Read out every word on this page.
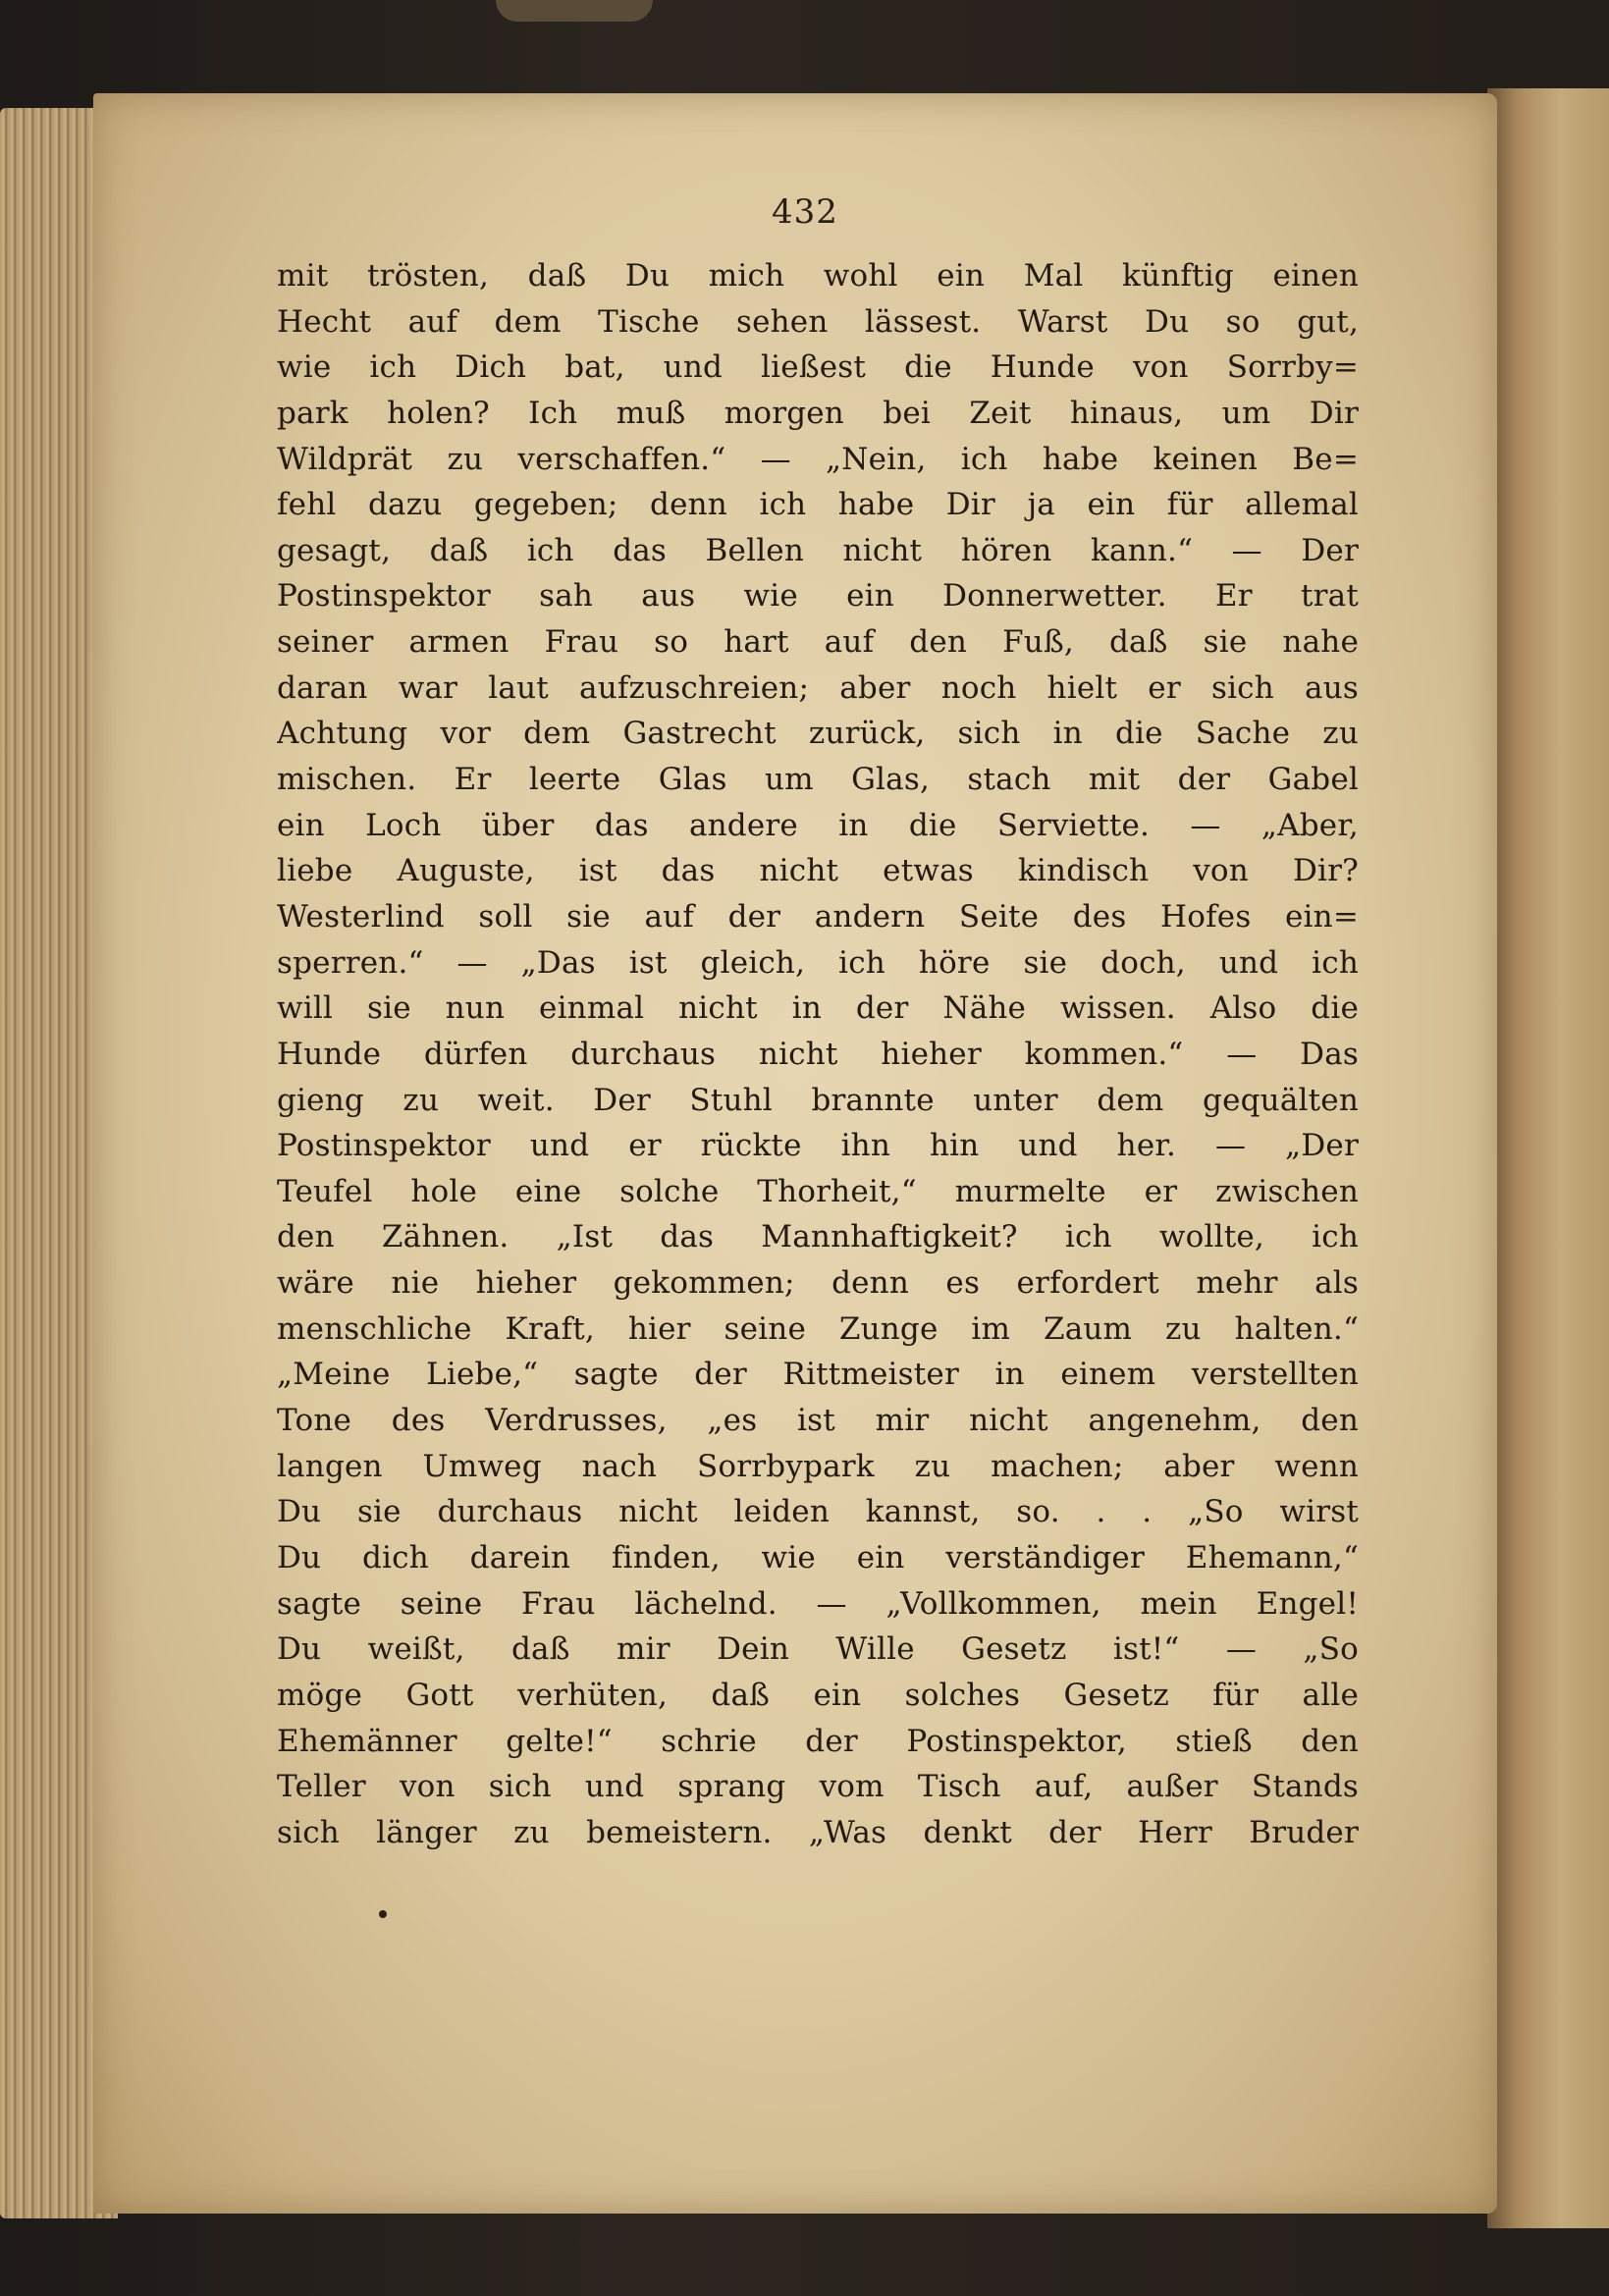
432
mit trösten, daß Du mich wohl ein Mal künftig einen
Hecht auf dem Tische sehen lässest. Warst Du so gut,
wie ich Dich bat, und ließest die Hunde von Sorrby=
park holen? Ich muß morgen bei Zeit hinaus, um Dir
Wildprät zu verschaffen.“ — „Nein, ich habe keinen Be=
fehl dazu gegeben; denn ich habe Dir ja ein für allemal
gesagt, daß ich das Bellen nicht hören kann.“ — Der
Postinspektor sah aus wie ein Donnerwetter. Er trat
seiner armen Frau so hart auf den Fuß, daß sie nahe
daran war laut aufzuschreien; aber noch hielt er sich aus
Achtung vor dem Gastrecht zurück, sich in die Sache zu
mischen. Er leerte Glas um Glas, stach mit der Gabel
ein Loch über das andere in die Serviette. — „Aber,
liebe Auguste, ist das nicht etwas kindisch von Dir?
Westerlind soll sie auf der andern Seite des Hofes ein=
sperren.“ — „Das ist gleich, ich höre sie doch, und ich
will sie nun einmal nicht in der Nähe wissen. Also die
Hunde dürfen durchaus nicht hieher kommen.“ — Das
gieng zu weit. Der Stuhl brannte unter dem gequälten
Postinspektor und er rückte ihn hin und her. — „Der
Teufel hole eine solche Thorheit,“ murmelte er zwischen
den Zähnen. „Ist das Mannhaftigkeit? ich wollte, ich
wäre nie hieher gekommen; denn es erfordert mehr als
menschliche Kraft, hier seine Zunge im Zaum zu halten.“
„Meine Liebe,“ sagte der Rittmeister in einem verstellten
Tone des Verdrusses, „es ist mir nicht angenehm, den
langen Umweg nach Sorrbypark zu machen; aber wenn
Du sie durchaus nicht leiden kannst, so. . . „So wirst
Du dich darein finden, wie ein verständiger Ehemann,“
sagte seine Frau lächelnd. — „Vollkommen, mein Engel!
Du weißt, daß mir Dein Wille Gesetz ist!“ — „So
möge Gott verhüten, daß ein solches Gesetz für alle
Ehemänner gelte!“ schrie der Postinspektor, stieß den
Teller von sich und sprang vom Tisch auf, außer Stands
sich länger zu bemeistern. „Was denkt der Herr Bruder
